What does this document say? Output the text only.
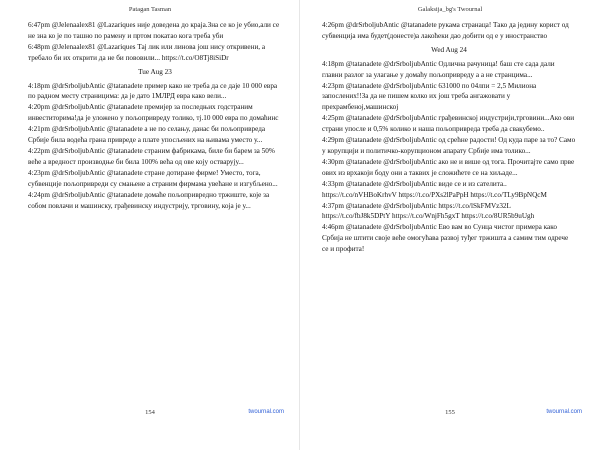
Patagan Tasman

6:47pm @Jelenaalex81 @Lazariques није доведена до краја.Зна се ко је убио,али се не зна ко је по ташно по рамену и пртом покатао кога треба уби

6:48pm @Jelenaalex81 @Lazariques Тај лик или линова још нису откривени, а требало би их открити да не би пововили... https://t.co/O8Tj8iSiDr

Tue Aug 23

4:18pm @drSrboljubAntic @tatanadete пример како не треба да се даје 10 000 евра по радном месту страницима: да је дато 1МЛРД евра како вели...

4:20pm @drSrboljubAntic @tatanadete премијер за последњих годстраним инвеститорима!да је уложено у пољопривреду толико, тј.10 000 евра по домаћинс

4:21pm @drSrboljubAntic @tatanadete а не по селању, данас би пољопривреда Србије била водећа грана привреде а плате упосљених на њивама уместо у...

4:22pm @drSrboljubAntic @tatanadete страним фабрикама, биле би барем за 50% веће а вредност производње би била 100% већа од ове коју остварују...

4:23pm @drSrboljubAntic @tatanadete стране дотиране фирме! Уместо, тога, субвенције пољопривреди су смањене а страним фирмама увећане и изгубљено...

4:24pm @drSrboljubAntic @tatanadete домаће пољопривредно тржиште, које за собом повлачи и машинску, грађевинску индустрију, трговину, која је у...

154	twournal.com
Galaksija_bg's Twournal

4:26pm @drSrboljubAntic @tatanadete рукама странаца! Тако да једину корист од субвенција има будет(донесте)а лакоћеки дао добити од е у иностранство

Wed Aug 24

4:18pm @tatanadete @drSrboljubAntic Одлична рачуница! баш сте сада дали главни разлог за улагање у домаћу пољопривреду а а не странцима...

4:23pm @tatanadete @drSrboljubAntic 631000 по 04лпи = 2,5 Милиона запослених!!За да не пишем колко их још треба ангажовати у прехрамбеној,машинској

4:25pm @tatanadete @drSrboljubAntic грађевинској индустрији,трговини...Ако ови страни упосле и 0,5% колико и наша пољопривреда треба да свакубемо..

4:29pm @tatanadete @drSrboljubAntic од срећне радости! Од куда паре за то? Само у корупцији и политичко-корупционом апарату Србије има толико...

4:30pm @tatanadete @drSrboljubAntic ако не и више од тога. Прочитајте само прве ових из врхакоји боду они а таквих је сложићете се на хиљаде...

4:33pm @tatanadete @drSrboljubAntic виде се и из сателита.. https://t.co/nVHBoKrhvV https://t.co/PXs2lPaPpH https://t.co/TLy9BpNQcM

4:37pm @tatanadete @drSrboljubAntic https://t.co/lSkFMVz32L https://t.co/fbJ8k5DPtY https://t.co/WnjFh5gxT https://t.co/8UR5b9uUgh

4:46pm @tatanadete @drSrboljubAntic Ево вам во Сунца чистог примера како Србија не штити своје веће омогућава развој туђег тржишта а самим тим одрече се и профита!

155	twournal.com
